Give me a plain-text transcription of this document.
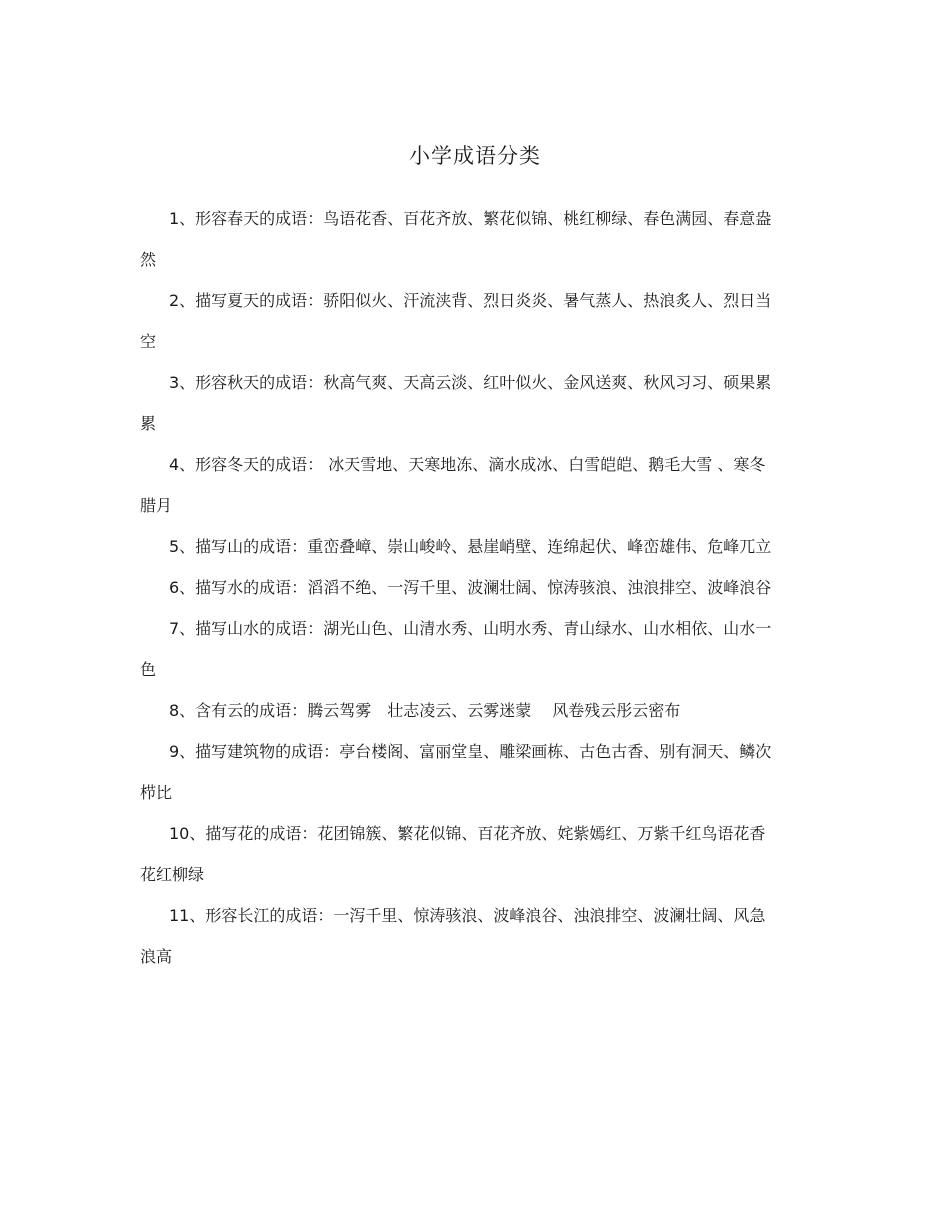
小学成语分类

1、形容春天的成语：鸟语花香、百花齐放、繁花似锦、桃红柳绿、春色满园、春意盎然

2、描写夏天的成语：骄阳似火、汗流浃背、烈日炎炎、暑气蒸人、热浪炙人、烈日当空

3、形容秋天的成语：秋高气爽、天高云淡、红叶似火、金风送爽、秋风习习、硕果累累

4、形容冬天的成语： 冰天雪地、天寒地冻、滴水成冰、白雪皑皑、鹅毛大雪 、寒冬腊月

5、描写山的成语：重峦叠嶂、崇山峻岭、悬崖峭壁、连绵起伏、峰峦雄伟、危峰兀立

6、描写水的成语：滔滔不绝、一泻千里、波澜壮阔、惊涛骇浪、浊浪排空、波峰浪谷

7、描写山水的成语：湖光山色、山清水秀、山明水秀、青山绿水、山水相依、山水一色

8、含有云的成语：腾云驾雾　壮志凌云、云雾迷蒙　 风卷残云彤云密布

9、描写建筑物的成语：亭台楼阁、富丽堂皇、雕梁画栋、古色古香、别有洞天、鳞次栉比

10、描写花的成语：花团锦簇、繁花似锦、百花齐放、姹紫嫣红、万紫千红鸟语花香　花红柳绿

11、形容长江的成语：一泻千里、惊涛骇浪、波峰浪谷、浊浪排空、波澜壮阔、风急浪高
